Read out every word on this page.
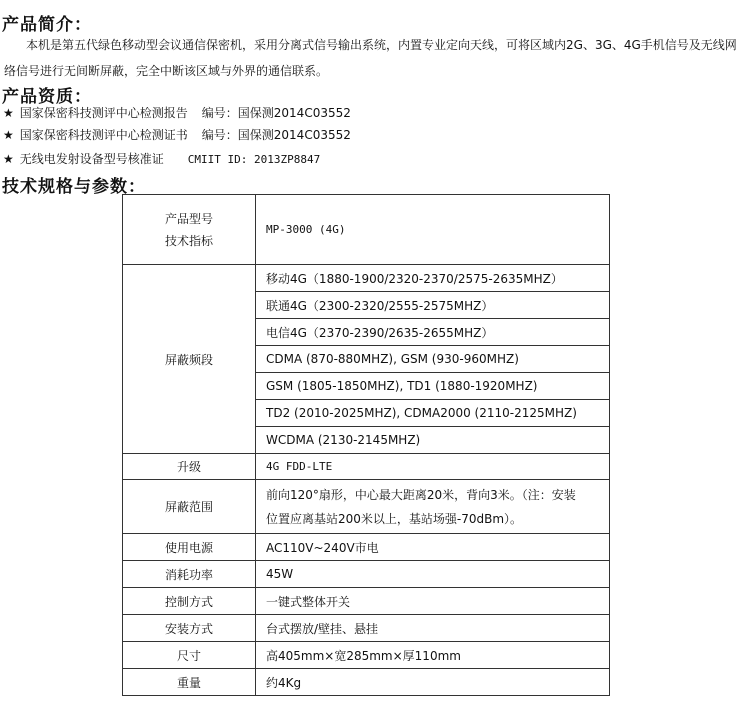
产品简介：
本机是第五代绿色移动型会议通信保密机，采用分离式信号输出系统，内置专业定向天线，可将区域内2G、3G、4G手机信号及无线网络信号进行无间断屏蔽，完全中断该区域与外界的通信联系。
产品资质：
★ 国家保密科技测评中心检测报告 编号：国保测2014C03552
★ 国家保密科技测评中心检测证书 编号：国保测2014C03552
★ 无线电发射设备型号核准证 CMIIT ID: 2013ZP8847
技术规格与参数：
产品型号
技术指标	MP-3000 (4G)
屏蔽频段	移动4G（1880-1900/2320-2370/2575-2635MHZ）
	联通4G（2300-2320/2555-2575MHZ）
	电信4G（2370-2390/2635-2655MHZ）
	CDMA (870-880MHZ), GSM (930-960MHZ)
	GSM (1805-1850MHZ), TD1 (1880-1920MHZ)
	TD2 (2010-2025MHZ), CDMA2000 (2110-2125MHZ)
	WCDMA (2130-2145MHZ)
升级	4G FDD-LTE
屏蔽范围	前向120°扇形，中心最大距离20米，背向3米。（注：安装
位置应离基站200米以上，基站场强-70dBm）。

使用电源	AC110V~240V市电
消耗功率	45W
控制方式	一键式整体开关
安装方式	台式摆放/壁挂、悬挂
尺寸	高405mm×宽285mm×厚110mm
重量	约4Kg
